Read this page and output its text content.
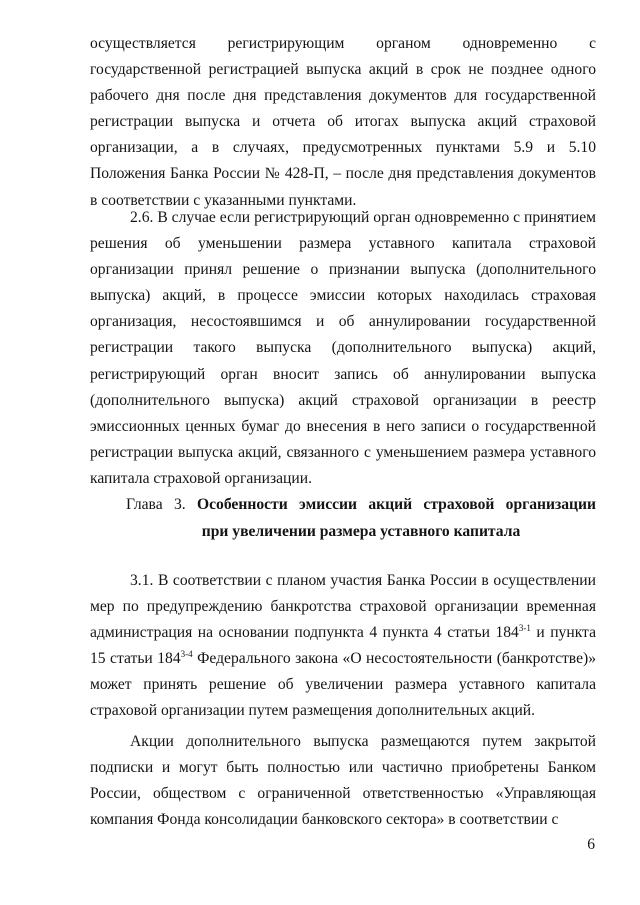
осуществляется регистрирующим органом одновременно с государственной регистрацией выпуска акций в срок не позднее одного рабочего дня после дня представления документов для государственной регистрации выпуска и отчета об итогах выпуска акций страховой организации, а в случаях, предусмотренных пунктами 5.9 и 5.10 Положения Банка России № 428-П, – после дня представления документов в соответствии с указанными пунктами.

2.6. В случае если регистрирующий орган одновременно с принятием решения об уменьшении размера уставного капитала страховой организации принял решение о признании выпуска (дополнительного выпуска) акций, в процессе эмиссии которых находилась страховая организация, несостоявшимся и об аннулировании государственной регистрации такого выпуска (дополнительного выпуска) акций, регистрирующий орган вносит запись об аннулировании выпуска (дополнительного выпуска) акций страховой организации в реестр эмиссионных ценных бумаг до внесения в него записи о государственной регистрации выпуска акций, связанного с уменьшением размера уставного капитала страховой организации.

Глава 3. Особенности эмиссии акций страховой организации
при увеличении размера уставного капитала

3.1. В соответствии с планом участия Банка России в осуществлении мер по предупреждению банкротства страховой организации временная администрация на основании подпункта 4 пункта 4 статьи 184$^{3-1}$ и пункта 15 статьи 184$^{3-4}$ Федерального закона «О несостоятельности (банкротстве)» может принять решение об увеличении размера уставного капитала страховой организации путем размещения дополнительных акций.

Акции дополнительного выпуска размещаются путем закрытой подписки и могут быть полностью или частично приобретены Банком России, обществом с ограниченной ответственностью «Управляющая компания Фонда консолидации банковского сектора» в соответствии с

6
